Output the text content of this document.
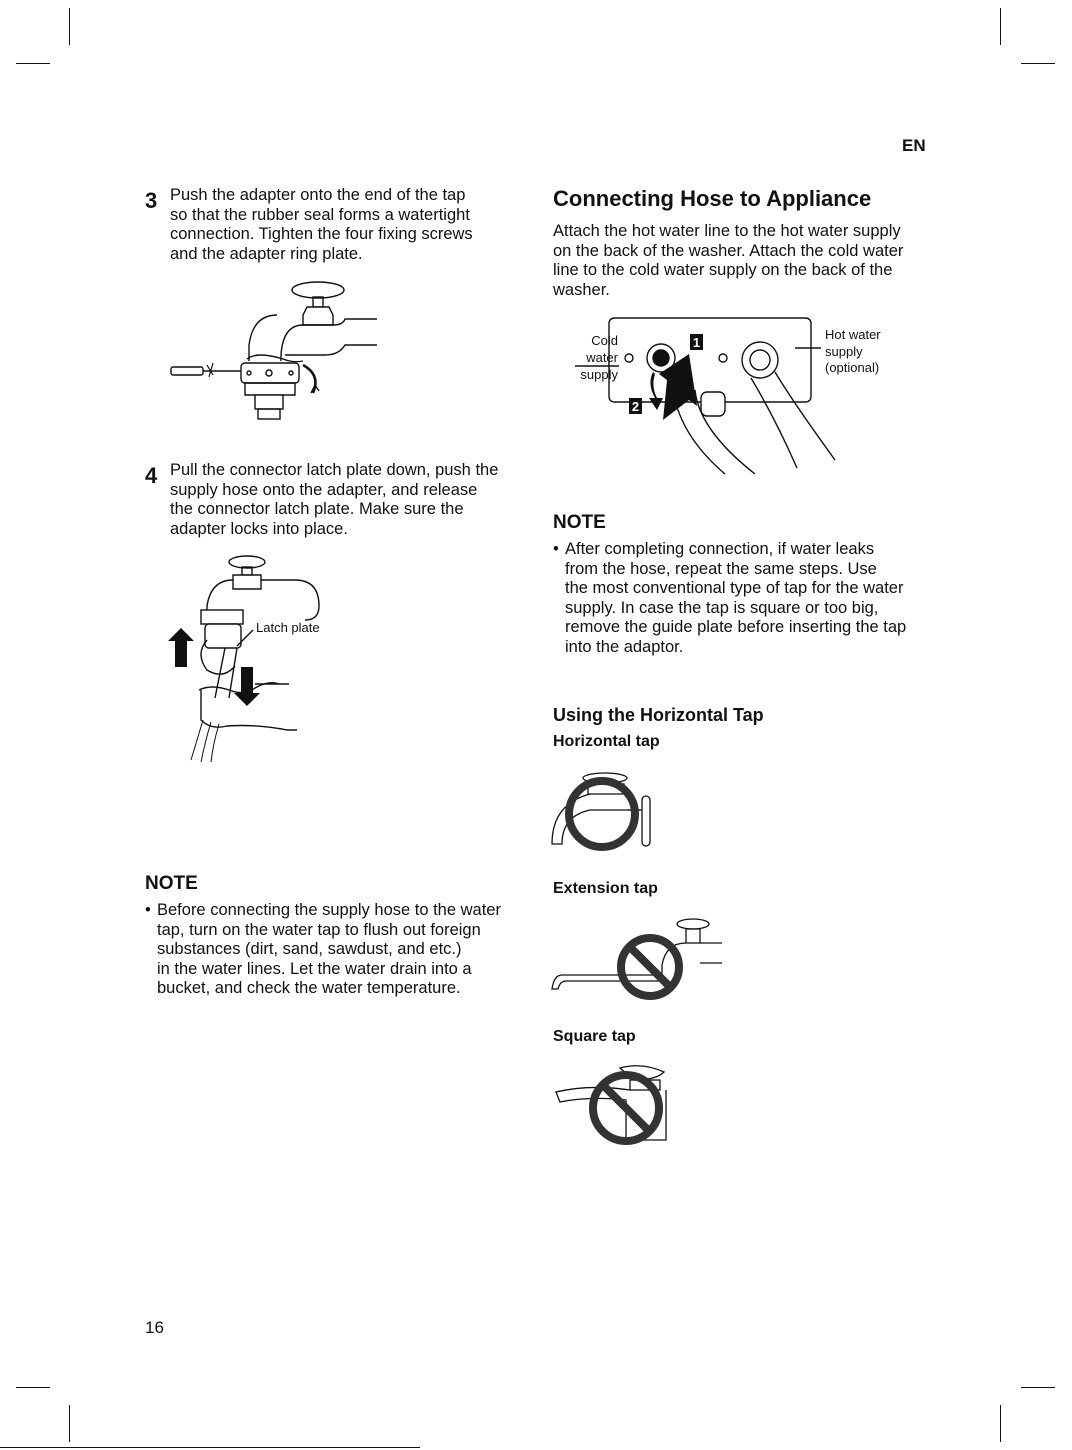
EN
3 Push the adapter onto the end of the tap
so that the rubber seal forms a watertight
connection. Tighten the four fixing screws
and the adapter ring plate.
4 Pull the connector latch plate down, push the
supply hose onto the adapter, and release
the connector latch plate. Make sure the
adapter locks into place.
Latch plate
NOTE
• Before connecting the supply hose to the water
tap, turn on the water tap to flush out foreign
substances (dirt, sand, sawdust, and etc.)
in the water lines. Let the water drain into a
bucket, and check the water temperature.
16
Connecting Hose to Appliance
Attach the hot water line to the hot water supply
on the back of the washer. Attach the cold water
line to the cold water supply on the back of the
washer.
1
2
Cold
water
supply
Hot water
supply
(optional)
NOTE
• After completing connection, if water leaks
from the hose, repeat the same steps. Use
the most conventional type of tap for the water
supply. In case the tap is square or too big,
remove the guide plate before inserting the tap
into the adaptor.
Using the Horizontal Tap
Horizontal tap
Extension tap
Square tap
